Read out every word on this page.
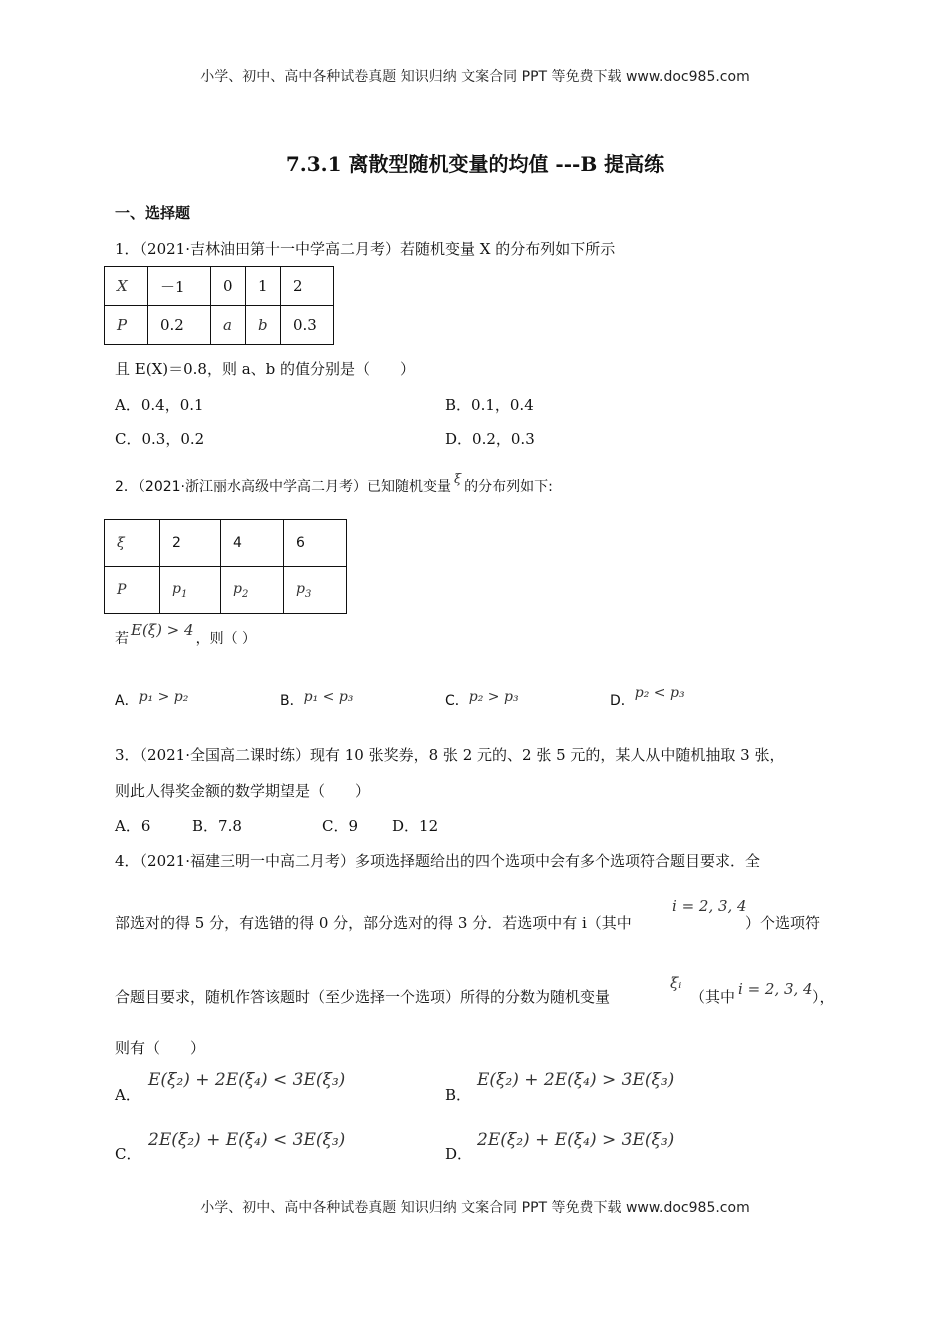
小学、初中、高中各种试卷真题 知识归纳 文案合同 PPT 等免费下载 www.doc985.com
小学、初中、高中各种试卷真题 知识归纳 文案合同 PPT 等免费下载 www.doc985.com
7.3.1 离散型随机变量的均值 ---B 提高练
一、选择题
1．（2021·吉林油田第十一中学高二月考）若随机变量 X 的分布列如下所示
X	－1	0	1	2
P	0.2	a	b	0.3
且 E(X)＝0.8，则 a、b 的值分别是（　　）
A．0.4，0.1	B．0.1，0.4
C．0.3，0.2	D．0.2，0.3
2．（2021·浙江丽水高级中学高二月考）已知随机变量 ξ 的分布列如下:
ξ	2	4	6
P	$p_1$	$p_2$	$p_3$
若 E(ξ) > 4 ，则（ ）
A．p₁ > p₂	B．p₁ < p₃	C．p₂ > p₃	D．p₂ < p₃
3．（2021·全国高二课时练）现有 10 张奖券，8 张 2 元的、2 张 5 元的，某人从中随机抽取 3 张，
则此人得奖金额的数学期望是（　　）
A．6	B．7.8	C．9 D．12
4．（2021·福建三明一中高二月考）多项选择题给出的四个选项中会有多个选项符合题目要求．全
部选对的得 5 分，有选错的得 0 分，部分选对的得 3 分．若选项中有 i（其中
i = 2, 3, 4
）个选项符
合题目要求，随机作答该题时（至少选择一个选项）所得的分数为随机变量
ξᵢ
（其中 i = 2, 3, 4 ），
则有（　　）
A．
E(ξ₂) + 2E(ξ₄) < 3E(ξ₃)
B．
E(ξ₂) + 2E(ξ₄) > 3E(ξ₃)
C．
2E(ξ₂) + E(ξ₄) < 3E(ξ₃)
D．
2E(ξ₂) + E(ξ₄) > 3E(ξ₃)
